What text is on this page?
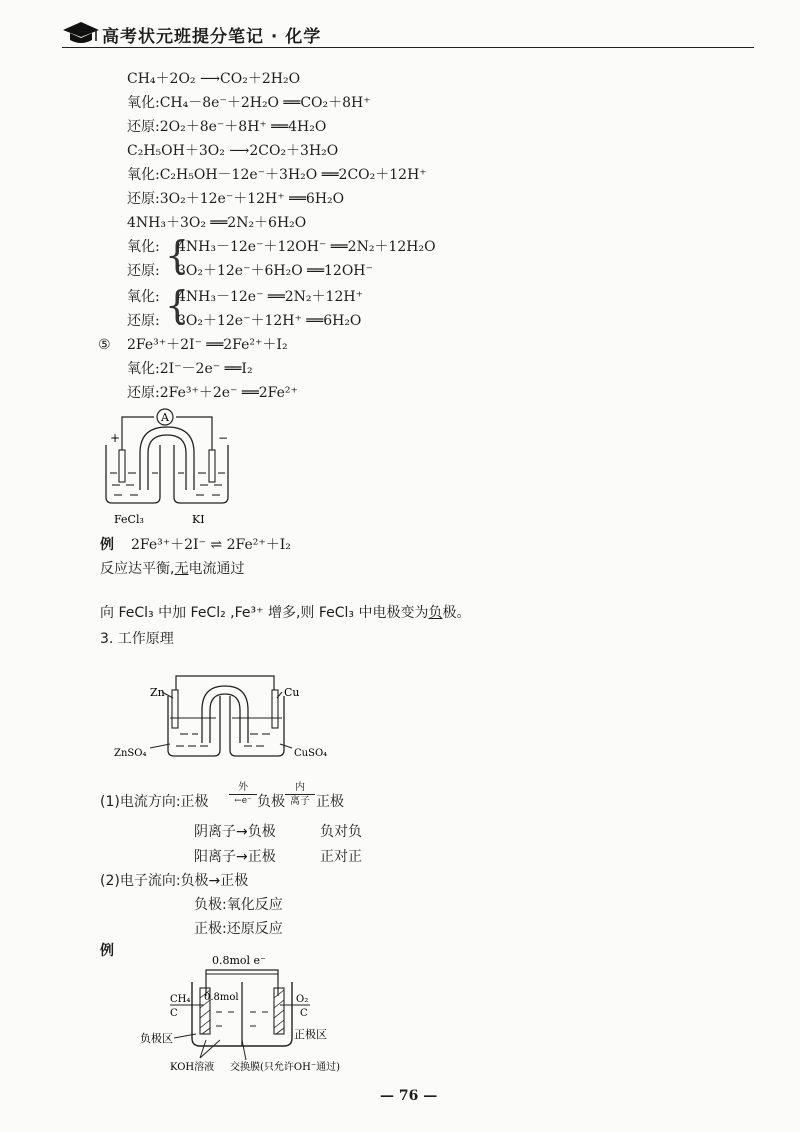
高考状元班提分笔记 · 化学
CH₄＋2O₂ ⟶CO₂＋2H₂O
氧化:CH₄－8e⁻＋2H₂O ══CO₂＋8H⁺
还原:2O₂＋8e⁻＋8H⁺ ══4H₂O
C₂H₅OH＋3O₂ ⟶2CO₂＋3H₂O
氧化:C₂H₅OH－12e⁻＋3H₂O ══2CO₂＋12H⁺
还原:3O₂＋12e⁻＋12H⁺ ══6H₂O
4NH₃＋3O₂ ══2N₂＋6H₂O
氧化: {
4NH₃－12e⁻＋12OH⁻ ══2N₂＋12H₂O
还原: 3O₂＋12e⁻＋6H₂O ══12OH⁻
氧化: {
4NH₃－12e⁻ ══2N₂＋12H⁺
还原: 3O₂＋12e⁻＋12H⁺ ══6H₂O
⑤ 2Fe³⁺＋2I⁻ ══2Fe²⁺＋I₂
氧化:2I⁻－2e⁻ ══I₂
还原:2Fe³⁺＋2e⁻ ══2Fe²⁺
A
+	−
FeCl₃	KI
例 2Fe³⁺＋2I⁻ ⇌ 2Fe²⁺＋I₂
反应达平衡,无电流通过
向 FeCl₃ 中加 FeCl₂ ,Fe³⁺ 增多,则 FeCl₃ 中电极变为负极。
3. 工作原理
Zn	Cu
ZnSO₄	CuSO₄
(1)电流方向:正极
外
←e⁻ 负极
内
离子 正极
阴离子→负极	负对负
阳离子→正极	正对正
(2)电子流向:负极→正极
负极:氧化反应
正极:还原反应
例
0.8mol e⁻
0.8mol
CH₄
C
O₂
C
负极区	正极区
KOH溶液 交换膜(只允许OH⁻通过)
— 76 —
